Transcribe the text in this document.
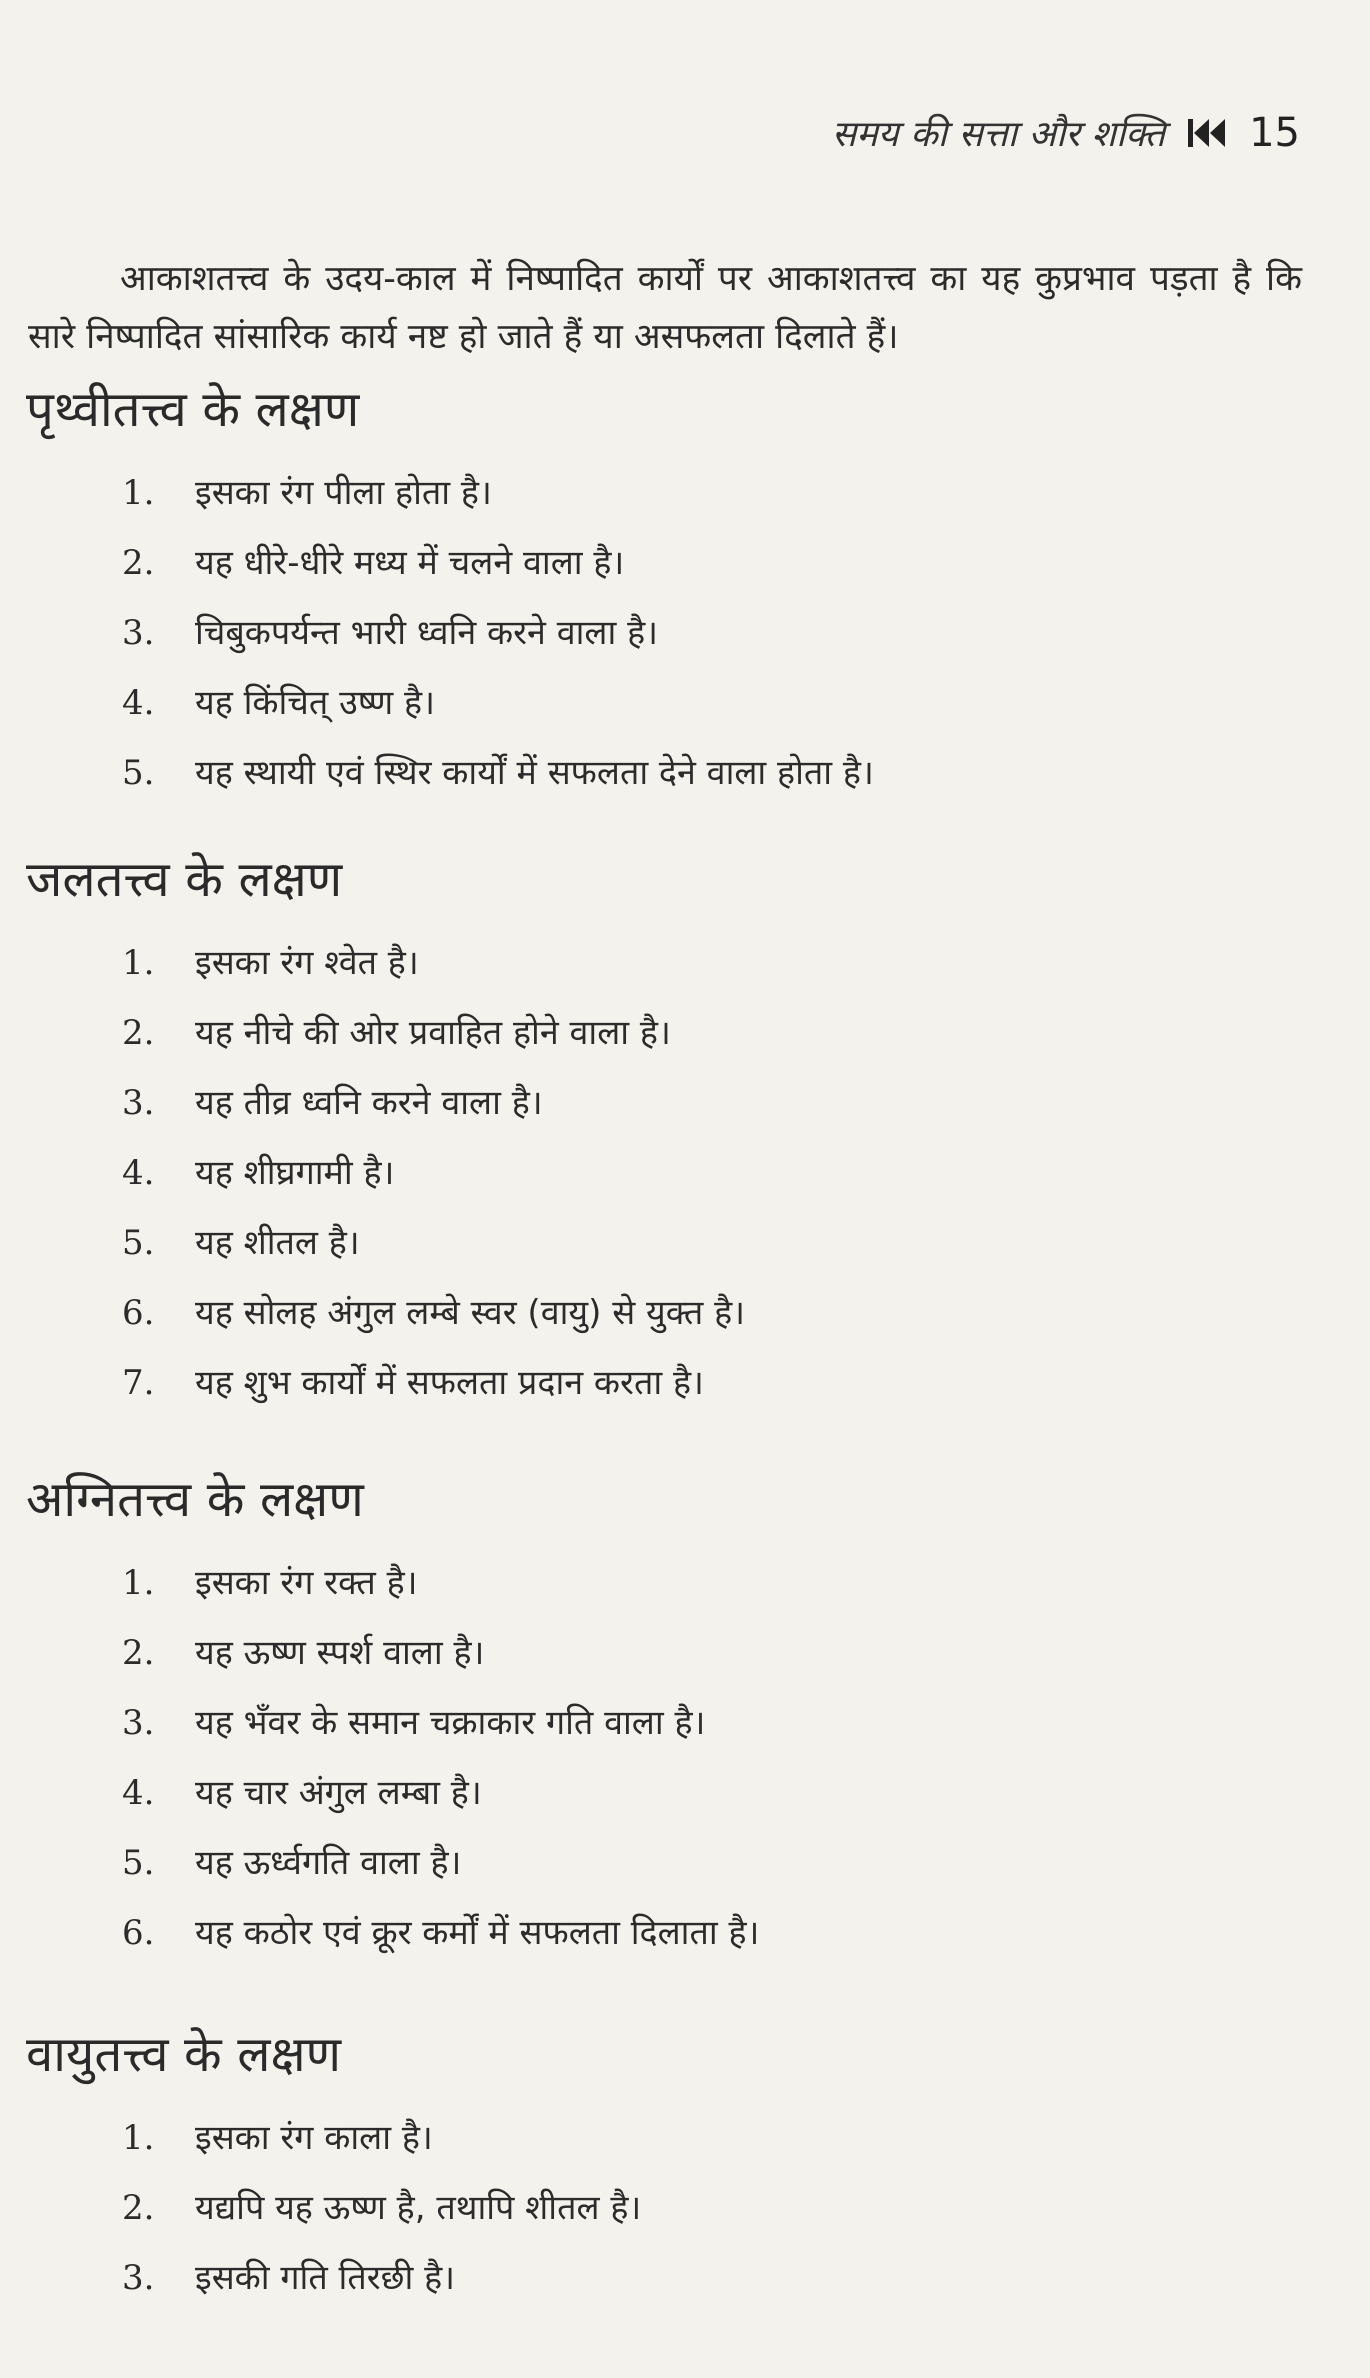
समय की सत्ता और शक्ति 15

आकाशतत्त्व के उदय-काल में निष्पादित कार्यों पर आकाशतत्त्व का यह कुप्रभाव पड़ता है कि सारे निष्पादित सांसारिक कार्य नष्ट हो जाते हैं या असफलता दिलाते हैं।

पृथ्वीतत्त्व के लक्षण
1.	इसका रंग पीला होता है।
2.	यह धीरे-धीरे मध्य में चलने वाला है।
3.	चिबुकपर्यन्त भारी ध्वनि करने वाला है।
4.	यह किंचित् उष्ण है।
5.	यह स्थायी एवं स्थिर कार्यों में सफलता देने वाला होता है।
जलतत्त्व के लक्षण
1.	इसका रंग श्वेत है।
2.	यह नीचे की ओर प्रवाहित होने वाला है।
3.	यह तीव्र ध्वनि करने वाला है।
4.	यह शीघ्रगामी है।
5.	यह शीतल है।
6.	यह सोलह अंगुल लम्बे स्वर (वायु) से युक्त है।
7.	यह शुभ कार्यों में सफलता प्रदान करता है।
अग्नितत्त्व के लक्षण
1.	इसका रंग रक्त है।
2.	यह ऊष्ण स्पर्श वाला है।
3.	यह भँवर के समान चक्राकार गति वाला है।
4.	यह चार अंगुल लम्बा है।
5.	यह ऊर्ध्वगति वाला है।
6.	यह कठोर एवं क्रूर कर्मों में सफलता दिलाता है।
वायुतत्त्व के लक्षण
1.	इसका रंग काला है।
2.	यद्यपि यह ऊष्ण है, तथापि शीतल है।
3.	इसकी गति तिरछी है।
